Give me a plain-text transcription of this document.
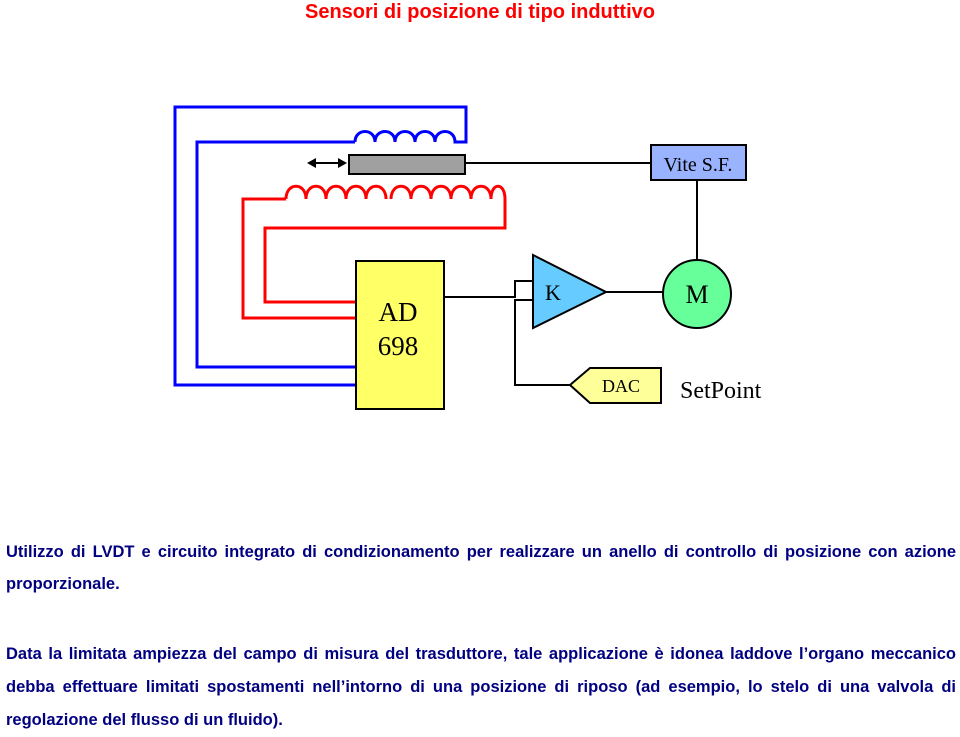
Sensori di posizione di tipo induttivo
AD
698
K	M
Vite S.F.
DAC SetPoint

Utilizzo di LVDT e circuito integrato di condizionamento per realizzare un anello di controllo di posizione con azione proporzionale.

Data la limitata ampiezza del campo di misura del trasduttore, tale applicazione è idonea laddove l’organo meccanico debba effettuare limitati spostamenti nell’intorno di una posizione di riposo (ad esempio, lo stelo di una valvola di regolazione del flusso di un fluido).
